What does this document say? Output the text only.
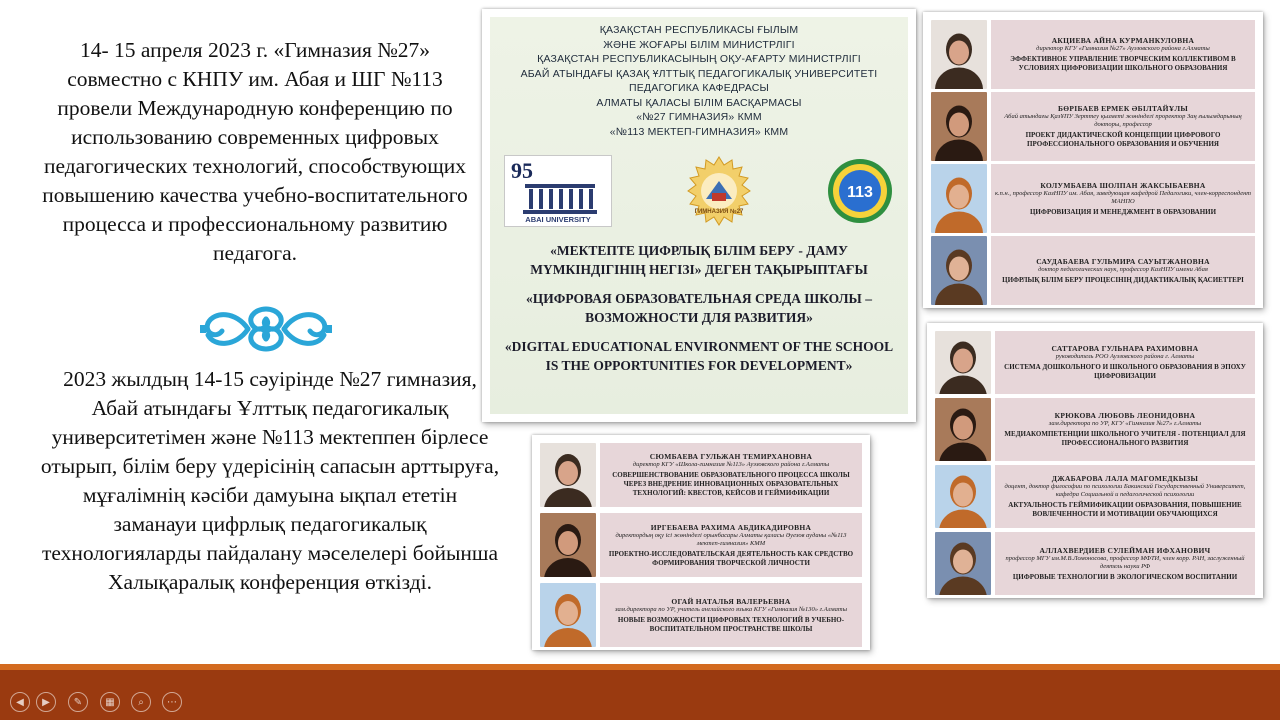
14- 15 апреля 2023 г. «Гимназия №27» совместно с КНПУ им. Абая и ШГ №113 провели Международную конференцию по использованию современных цифровых педагогических технологий, способствующих повышению качества учебно-воспитательного процесса и профессиональному развитию педагога.
2023 жылдың 14-15 сәуірінде №27 гимназия, Абай атындағы Ұлттық педагогикалық университетімен және №113 мектеппен бірлесе отырып, білім беру үдерісінің сапасын арттыруға, мұғалімнің кәсіби дамуына ықпал ететін заманауи цифрлық педагогикалық технологияларды пайдалану мәселелері бойынша Халықаралық конференция өткізді.
ҚАЗАҚСТАН РЕСПУБЛИКАСЫ ҒЫЛЫМ
ЖӘНЕ ЖОҒАРЫ БІЛІМ МИНИСТРЛІГІ
ҚАЗАҚСТАН РЕСПУБЛИКАСЫНЫҢ ОҚУ-АҒАРТУ МИНИСТРЛІГІ
АБАЙ АТЫНДАҒЫ ҚАЗАҚ ҰЛТТЫҚ ПЕДАГОГИКАЛЫҚ УНИВЕРСИТЕТІ
ПЕДАГОГИКА КАФЕДРАСЫ
АЛМАТЫ ҚАЛАСЫ БІЛІМ БАСҚАРМАСЫ
«№27 ГИМНАЗИЯ» КММ
«№113 МЕКТЕП-ГИМНАЗИЯ» КММ
95
ABAI UNIVERSITY
ГИМНАЗИЯ №27
113
«МЕКТЕПТЕ ЦИФРЛЫҚ БІЛІМ БЕРУ - ДАМУ МҮМКІНДІГІНІҢ НЕГІЗІ» ДЕГЕН ТАҚЫРЫПТАҒЫ
«ЦИФРОВАЯ ОБРАЗОВАТЕЛЬНАЯ СРЕДА ШКОЛЫ – ВОЗМОЖНОСТИ ДЛЯ РАЗВИТИЯ»
«DIGITAL EDUCATIONAL ENVIRONMENT OF THE SCHOOL IS THE OPPORTUNITIES FOR DEVELOPMENT»
АКЦИЕВА АЙНА КУРМАНКУЛОВНА
директор КГУ «Гимназия №27» Ауэзовского района г.Алматы
ЭФФЕКТИВНОЕ УПРАВЛЕНИЕ ТВОРЧЕСКИМ КОЛЛЕКТИВОМ В УСЛОВИЯХ ЦИФРОВИЗАЦИИ ШКОЛЬНОГО ОБРАЗОВАНИЯ
БӨРІБАЕВ ЕРМЕК ӘБІЛТАЙҰЛЫ
Абай атындағы ҚазҰПУ Зерттеу қызметі жөніндегі проректор Заң ғылымдарының докторы, профессор
ПРОЕКТ ДИДАКТИЧЕСКОЙ КОНЦЕПЦИИ ЦИФРОВОГО ПРОФЕССИОНАЛЬНОГО ОБРАЗОВАНИЯ И ОБУЧЕНИЯ
КОЛУМБАЕВА ШОЛПАН ЖАКСЫБАЕВНА
к.п.н., профессор КазНПУ им. Абая, заведующая кафедрой Педагогики, член-корреспондент МАНПО
ЦИФРОВИЗАЦИЯ И МЕНЕДЖМЕНТ В ОБРАЗОВАНИИ
САУДАБАЕВА ГУЛЬМИРА САУЫТЖАНОВНА
доктор педагогических наук, профессор КазНПУ имени Абая
ЦИФРЛЫҚ БІЛІМ БЕРУ ПРОЦЕСІНІҢ ДИДАКТИКАЛЫҚ ҚАСИЕТТЕРІ
СЮМБАЕВА ГУЛЬЖАН ТЕМИРХАНОВНА
директор КГУ «Школа-гимназия №113» Ауэзовского района г.Алматы
СОВЕРШЕНСТВОВАНИЕ ОБРАЗОВАТЕЛЬНОГО ПРОЦЕССА ШКОЛЫ ЧЕРЕЗ ВНЕДРЕНИЕ ИННОВАЦИОННЫХ ОБРАЗОВАТЕЛЬНЫХ ТЕХНОЛОГИЙ: КВЕСТОВ, КЕЙСОВ И ГЕЙМИФИКАЦИИ
ИРГЕБАЕВА РАХИМА АБДИКАДИРОВНА
директордың оқу ісі жөніндегі орынбасары Алматы қаласы Әуезов ауданы «№113 мектеп-гимназия» КММ
ПРОЕКТНО-ИССЛЕДОВАТЕЛЬСКАЯ ДЕЯТЕЛЬНОСТЬ КАК СРЕДСТВО ФОРМИРОВАНИЯ ТВОРЧЕСКОЙ ЛИЧНОСТИ
ОГАЙ НАТАЛЬЯ ВАЛЕРЬЕВНА
зам.директора по УР, учитель английского языка КГУ «Гимназия №130» г.Алматы
НОВЫЕ ВОЗМОЖНОСТИ ЦИФРОВЫХ ТЕХНОЛОГИЙ В УЧЕБНО-ВОСПИТАТЕЛЬНОМ ПРОСТРАНСТВЕ ШКОЛЫ
САТТАРОВА ГУЛЬНАРА РАХИМОВНА
руководитель РОО Ауэзовского района г. Алматы
СИСТЕМА ДОШКОЛЬНОГО И ШКОЛЬНОГО ОБРАЗОВАНИЯ В ЭПОХУ ЦИФРОВИЗАЦИИ
КРЮКОВА ЛЮБОВЬ ЛЕОНИДОВНА
зам.директора по УР, КГУ «Гимназия №27» г.Алматы
МЕДИАКОМПЕТЕНЦИИ ШКОЛЬНОГО УЧИТЕЛЯ - ПОТЕНЦИАЛ ДЛЯ ПРОФЕССИОНАЛЬНОГО РАЗВИТИЯ
ДЖАБАРОВА ЛАЛА МАГОМЕДКЫЗЫ
доцент, доктор философии по психологии Бакинский Государственный Университет, кафедра Социальной и педагогической психологии
АКТУАЛЬНОСТЬ ГЕЙМИФИКАЦИИ ОБРАЗОВАНИЯ, ПОВЫШЕНИЕ ВОВЛЕЧЕННОСТИ И МОТИВАЦИИ ОБУЧАЮЩИХСЯ
АЛЛАХВЕРДИЕВ СУЛЕЙМАН ИФХАНОВИЧ
профессор МГУ им.М.В.Ломоносова, профессор МФТИ, член корр. РАН, заслуженный деятель науки РФ
ЦИФРОВЫЕ ТЕХНОЛОГИИ В ЭКОЛОГИЧЕСКОМ ВОСПИТАНИИ
◀	▶	✎	▦	⌕	⋯
